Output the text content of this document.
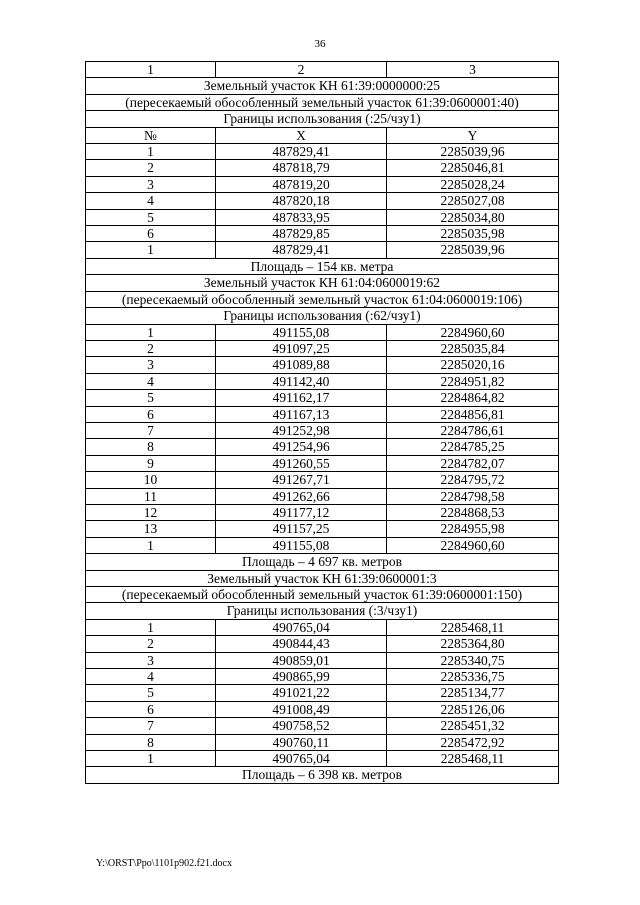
36
1	2	3
Земельный участок КН 61:39:0000000:25		
(пересекаемый обособленный земельный участок 61:39:0600001:40)		
Границы использования (:25/чзу1)		
№	X	Y
1	487829,41	2285039,96
2	487818,79	2285046,81
3	487819,20	2285028,24
4	487820,18	2285027,08
5	487833,95	2285034,80
6	487829,85	2285035,98
1	487829,41	2285039,96
Площадь – 154 кв. метра		
Земельный участок КН 61:04:0600019:62		
(пересекаемый обособленный земельный участок 61:04:0600019:106)		
Границы использования (:62/чзу1)		
1	491155,08	2284960,60
2	491097,25	2285035,84
3	491089,88	2285020,16
4	491142,40	2284951,82
5	491162,17	2284864,82
6	491167,13	2284856,81
7	491252,98	2284786,61
8	491254,96	2284785,25
9	491260,55	2284782,07
10	491267,71	2284795,72
11	491262,66	2284798,58
12	491177,12	2284868,53
13	491157,25	2284955,98
1	491155,08	2284960,60
Площадь – 4 697 кв. метров		
Земельный участок КН 61:39:0600001:3		
(пересекаемый обособленный земельный участок 61:39:0600001:150)		
Границы использования (:3/чзу1)		
1	490765,04	2285468,11
2	490844,43	2285364,80
3	490859,01	2285340,75
4	490865,99	2285336,75
5	491021,22	2285134,77
6	491008,49	2285126,06
7	490758,52	2285451,32
8	490760,11	2285472,92
1	490765,04	2285468,11
Площадь – 6 398 кв. метров		
Y:\ORST\Ppo\1101p902.f21.docx
